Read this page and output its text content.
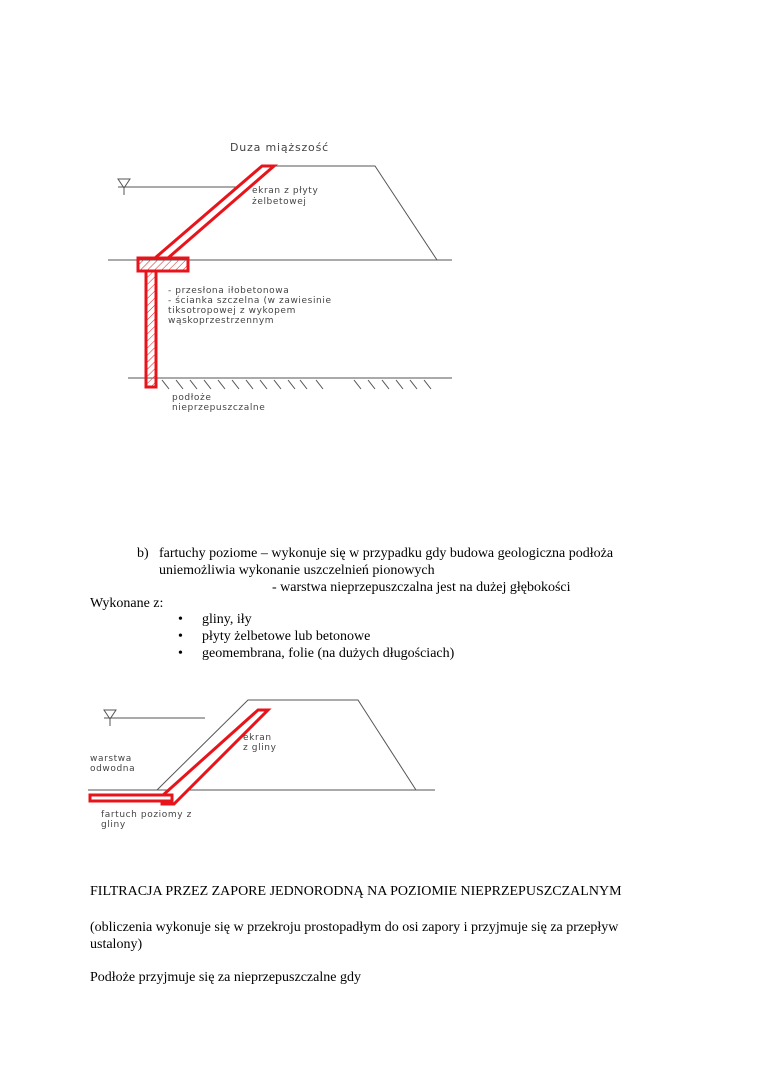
Duza miąższość
ekran z płyty
żelbetowej
- przesłona iłobetonowa
- ścianka szczelna (w zawiesinie
tiksotropowej z wykopem
wąskoprzestrzennym
podłoże
nieprzepuszczalne
ekran
z gliny
warstwa
odwodna
fartuch poziomy z
gliny
b) fartuchy poziome – wykonuje się w przypadku gdy budowa geologiczna podłoża
uniemożliwia wykonanie uszczelnień pionowych
- warstwa nieprzepuszczalna jest na dużej głębokości
Wykonane z:
• gliny, iły
• płyty żelbetowe lub betonowe
• geomembrana, folie (na dużych długościach)
FILTRACJA PRZEZ ZAPORE JEDNORODNĄ NA POZIOMIE NIEPRZEPUSZCZALNYM
(obliczenia wykonuje się w przekroju prostopadłym do osi zapory i przyjmuje się za przepływ
ustalony)
Podłoże przyjmuje się za nieprzepuszczalne gdy
